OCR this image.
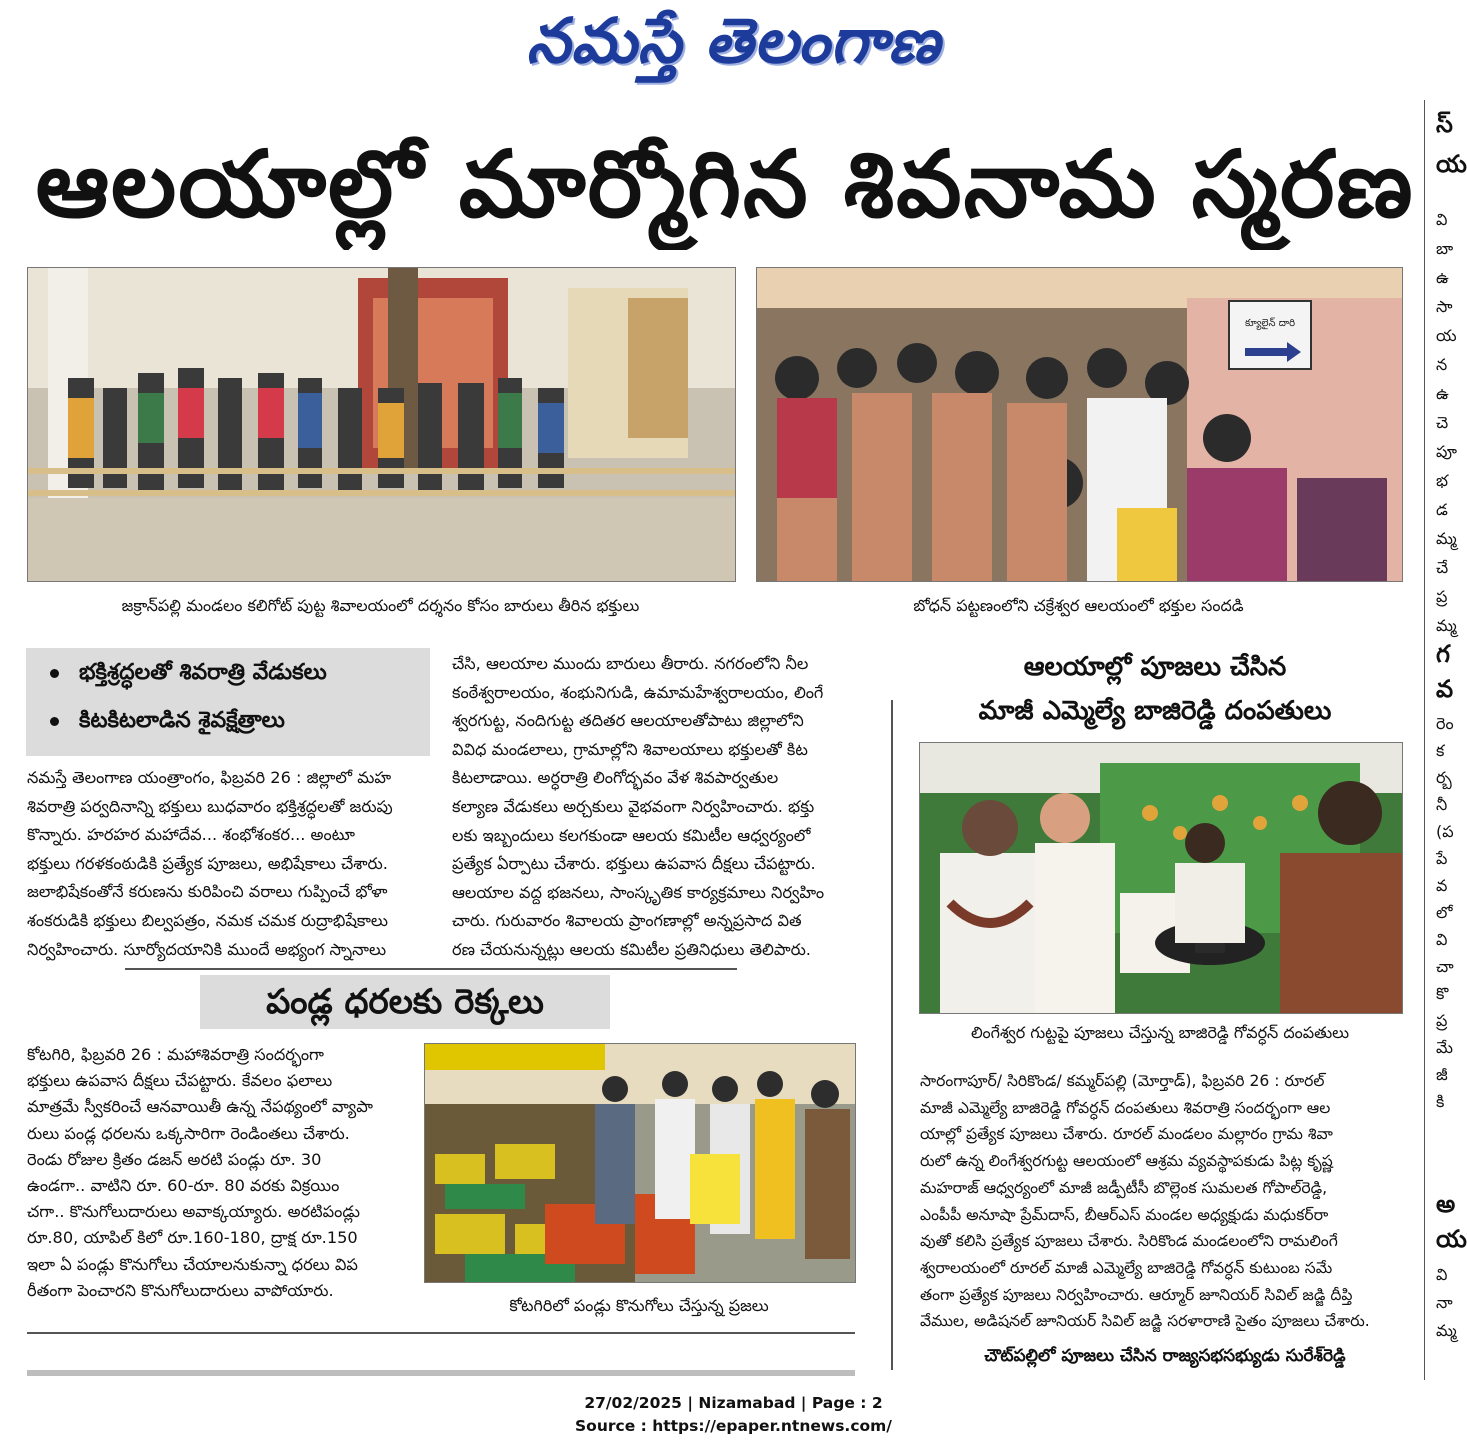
నమస్తే తెలంగాణ
ఆలయాల్లో మార్మోగిన శివనామ స్మరణ
క్యూలైన్ దారి
జక్రాన్‌పల్లి మండలం కలిగోట్ పుట్ట శివాలయంలో దర్శనం కోసం బారులు తీరిన భక్తులు	బోధన్ పట్టణంలోని చక్రేశ్వర ఆలయంలో భక్తుల సందడి
భక్తిశ్రద్ధలతో శివరాత్రి వేడుకలు
కిటకిటలాడిన శైవక్షేత్రాలు
నమస్తే తెలంగాణ యంత్రాంగం, ఫిబ్రవరి 26 : జిల్లాలో మహ
శివరాత్రి పర్వదినాన్ని భక్తులు బుధవారం భక్తిశ్రద్ధలతో జరుపు
కొన్నారు. హరహర మహాదేవ... శంభోశంకర... అంటూ
భక్తులు గరళకంఠుడికి ప్రత్యేక పూజలు, అభిషేకాలు చేశారు.
జలాభిషేకంతోనే కరుణను కురిపించి వరాలు గుప్పించే భోళా
శంకరుడికి భక్తులు బిల్వపత్రం, నమక చమక రుద్రాభిషేకాలు
నిర్వహించారు. సూర్యోదయానికి ముందే అభ్యంగ స్నానాలు
చేసి, ఆలయాల ముందు బారులు తీరారు. నగరంలోని నీల
కంఠేశ్వరాలయం, శంభునిగుడి, ఉమామహేశ్వరాలయం, లింగే
శ్వరగుట్ట, నందిగుట్ట తదితర ఆలయాలతోపాటు జిల్లాలోని
వివిధ మండలాలు, గ్రామాల్లోని శివాలయాలు భక్తులతో కిట
కిటలాడాయి. అర్ధరాత్రి లింగోద్భవం వేళ శివపార్వతుల
కల్యాణ వేడుకలు అర్చకులు వైభవంగా నిర్వహించారు. భక్తు
లకు ఇబ్బందులు కలగకుండా ఆలయ కమిటీల ఆధ్వర్యంలో
ప్రత్యేక ఏర్పాటు చేశారు. భక్తులు ఉపవాస దీక్షలు చేపట్టారు.
ఆలయాల వద్ద భజనలు, సాంస్కృతిక కార్యక్రమాలు నిర్వహిం
చారు. గురువారం శివాలయ ప్రాంగణాల్లో అన్నప్రసాద విత
రణ చేయనున్నట్లు ఆలయ కమిటీల ప్రతినిధులు తెలిపారు.
పండ్ల ధరలకు రెక్కలు
కోటగిరి, ఫిబ్రవరి 26 : మహాశివరాత్రి సందర్భంగా
భక్తులు ఉపవాస దీక్షలు చేపట్టారు. కేవలం ఫలాలు
మాత్రమే స్వీకరించే ఆనవాయితీ ఉన్న నేపథ్యంలో వ్యాపా
రులు పండ్ల ధరలను ఒక్కసారిగా రెండింతలు చేశారు.
రెండు రోజుల క్రితం డజన్ అరటి పండ్లు రూ. 30
ఉండగా.. వాటిని రూ. 60-రూ. 80 వరకు విక్రయిం
చగా.. కొనుగోలుదారులు అవాక్కయ్యారు. అరటిపండ్లు
రూ.80, యాపిల్ కిలో రూ.160-180, ద్రాక్ష రూ.150
ఇలా ఏ పండ్లు కొనుగోలు చేయాలనుకున్నా ధరలు విప
రీతంగా పెంచారని కొనుగోలుదారులు వాపోయారు.
కోటగిరిలో పండ్లు కొనుగోలు చేస్తున్న ప్రజలు
ఆలయాల్లో పూజలు చేసిన
మాజీ ఎమ్మెల్యే బాజిరెడ్డి దంపతులు
లింగేశ్వర గుట్టపై పూజలు చేస్తున్న బాజిరెడ్డి గోవర్ధన్ దంపతులు
సారంగాపూర్/ సిరికొండ/ కమ్మర్‌పల్లి (మోర్తాడ్), ఫిబ్రవరి 26 : రూరల్
మాజీ ఎమ్మెల్యే బాజిరెడ్డి గోవర్ధన్ దంపతులు శివరాత్రి సందర్భంగా ఆల
యాల్లో ప్రత్యేక పూజలు చేశారు. రూరల్ మండలం మల్లారం గ్రామ శివా
రులో ఉన్న లింగేశ్వరగుట్ట ఆలయంలో ఆశ్రమ వ్యవస్థాపకుడు పిట్ల కృష్ణ
మహరాజ్ ఆధ్వర్యంలో మాజీ జడ్పీటీసీ బొల్లెంక సుమలత గోపాల్‌రెడ్డి,
ఎంపీపీ అనూషా ప్రేమ్‌దాస్, బీఆర్ఎస్ మండల అధ్యక్షుడు మధుకర్‌రా
వుతో కలిసి ప్రత్యేక పూజలు చేశారు. సిరికొండ మండలంలోని రామలింగే
శ్వరాలయంలో రూరల్ మాజీ ఎమ్మెల్యే బాజిరెడ్డి గోవర్ధన్ కుటుంబ సమే
తంగా ప్రత్యేక పూజలు నిర్వహించారు. ఆర్మూర్ జూనియర్ సివిల్ జడ్జి దీప్తి
వేముల, అడిషనల్ జూనియర్ సివిల్ జడ్జి సరళారాణి సైతం పూజలు చేశారు.
చౌట్‌పల్లిలో పూజలు చేసిన రాజ్యసభసభ్యుడు సురేశ్‌రెడ్డి
స్
య
వి
బా
ఉ
సా
య
న
ఉ
చె
పూ
భ
డ
మ్మ
చే
ప్ర
మ్మ
గ
వ
రెం
క
ర్బ
నీ
(ప
పే
వ
లో
వి
చా
కొ
ప్ర
మే
జీ
కి
అ
య
వి
నా
మ్మ
27/02/2025 | Nizamabad | Page : 2
Source : https://epaper.ntnews.com/
